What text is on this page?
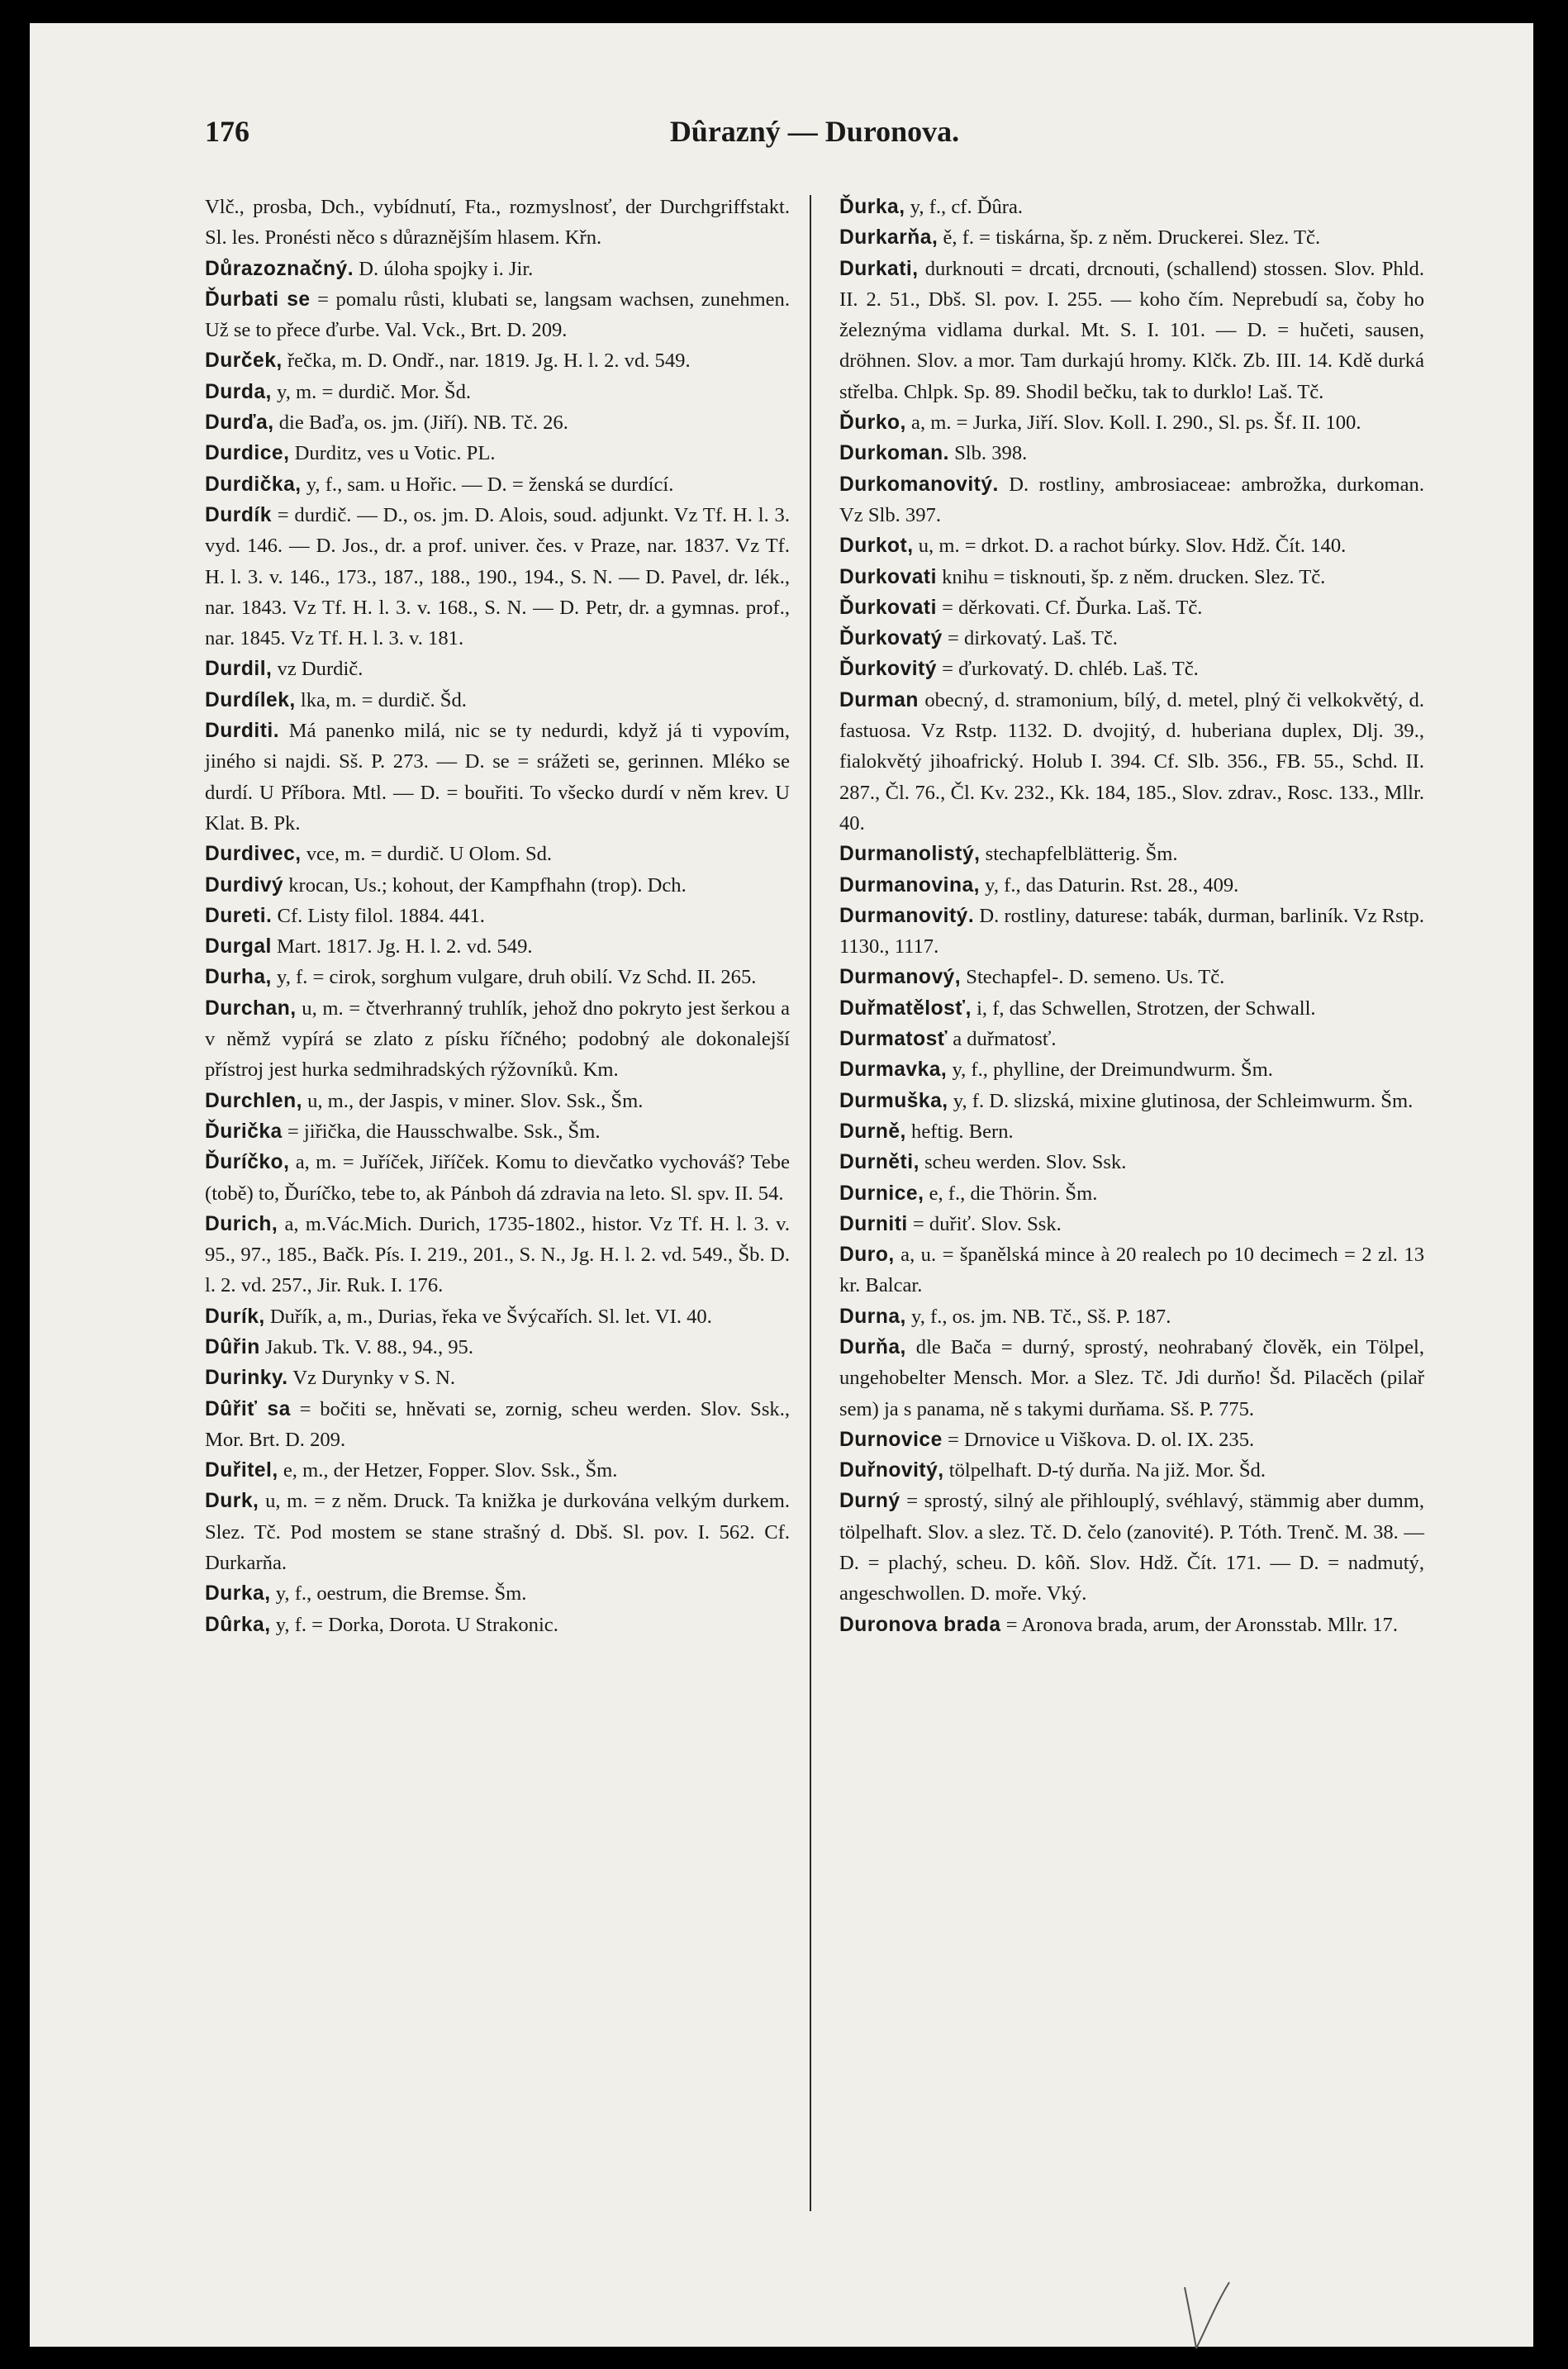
176	Dûrazný — Duronova.

Vlč., prosba, Dch., vybídnutí, Fta., rozmyslnosť, der Durchgriffstakt. Sl. les. Pronésti něco s důraznějším hlasem. Křn.

Důrazoznačný. D. úloha spojky i. Jir.

Ďurbati se = pomalu růsti, klubati se, langsam wachsen, zunehmen. Už se to přece ďurbe. Val. Vck., Brt. D. 209.

Durček, řečka, m. D. Ondř., nar. 1819. Jg. H. l. 2. vd. 549.

Durda, y, m. = durdič. Mor. Šd.

Durďa, die Baďa, os. jm. (Jiří). NB. Tč. 26.

Durdice, Durditz, ves u Votic. PL.

Durdička, y, f., sam. u Hořic. — D. = ženská se durdící.

Durdík = durdič. — D., os. jm. D. Alois, soud. adjunkt. Vz Tf. H. l. 3. vyd. 146. — D. Jos., dr. a prof. univer. čes. v Praze, nar. 1837. Vz Tf. H. l. 3. v. 146., 173., 187., 188., 190., 194., S. N. — D. Pavel, dr. lék., nar. 1843. Vz Tf. H. l. 3. v. 168., S. N. — D. Petr, dr. a gymnas. prof., nar. 1845. Vz Tf. H. l. 3. v. 181.

Durdil, vz Durdič.

Durdílek, lka, m. = durdič. Šd.

Durditi. Má panenko milá, nic se ty nedurdi, když já ti vypovím, jiného si najdi. Sš. P. 273. — D. se = srážeti se, gerinnen. Mléko se durdí. U Příbora. Mtl. — D. = bouřiti. To všecko durdí v něm krev. U Klat. B. Pk.

Durdivec, vce, m. = durdič. U Olom. Sd.

Durdivý krocan, Us.; kohout, der Kampfhahn (trop). Dch.

Dureti. Cf. Listy filol. 1884. 441.

Durgal Mart. 1817. Jg. H. l. 2. vd. 549.

Durha, y, f. = cirok, sorghum vulgare, druh obilí. Vz Schd. II. 265.

Durchan, u, m. = čtverhranný truhlík, jehož dno pokryto jest šerkou a v němž vypírá se zlato z písku říčného; podobný ale dokonalejší přístroj jest hurka sedmihradských rýžovníků. Km.

Durchlen, u, m., der Jaspis, v miner. Slov. Ssk., Šm.

Ďurička = jiřička, die Hausschwalbe. Ssk., Šm.

Ďuríčko, a, m. = Juříček, Jiříček. Komu to dievčatko vychováš? Tebe (tobě) to, Ďuríčko, tebe to, ak Pánboh dá zdravia na leto. Sl. spv. II. 54.

Durich, a, m.Vác.Mich. Durich, 1735-1802., histor. Vz Tf. H. l. 3. v. 95., 97., 185., Bačk. Pís. I. 219., 201., S. N., Jg. H. l. 2. vd. 549., Šb. D. l. 2. vd. 257., Jir. Ruk. I. 176.

Durík, Duřík, a, m., Durias, řeka ve Švýcařích. Sl. let. VI. 40.

Dûřin Jakub. Tk. V. 88., 94., 95.

Durinky. Vz Durynky v S. N.

Dûřiť sa = bočiti se, hněvati se, zornig, scheu werden. Slov. Ssk., Mor. Brt. D. 209.

Duřitel, e, m., der Hetzer, Fopper. Slov. Ssk., Šm.

Durk, u, m. = z něm. Druck. Ta knižka je durkována velkým durkem. Slez. Tč. Pod mostem se stane strašný d. Dbš. Sl. pov. I. 562. Cf. Durkarňa.

Durka, y, f., oestrum, die Bremse. Šm.

Dûrka, y, f. = Dorka, Dorota. U Strakonic.

Ďurka, y, f., cf. Ďûra.

Durkarňa, ě, f. = tiskárna, šp. z něm. Druckerei. Slez. Tč.

Durkati, durknouti = drcati, drcnouti, (schallend) stossen. Slov. Phld. II. 2. 51., Dbš. Sl. pov. I. 255. — koho čím. Neprebudí sa, čoby ho železnýma vidlama durkal. Mt. S. I. 101. — D. = hučeti, sausen, dröhnen. Slov. a mor. Tam durkajú hromy. Klčk. Zb. III. 14. Kdě durká střelba. Chlpk. Sp. 89. Shodil bečku, tak to durklo! Laš. Tč.

Ďurko, a, m. = Jurka, Jiří. Slov. Koll. I. 290., Sl. ps. Šf. II. 100.

Durkoman. Slb. 398.

Durkomanovitý. D. rostliny, ambrosiaceae: ambrožka, durkoman. Vz Slb. 397.

Durkot, u, m. = drkot. D. a rachot búrky. Slov. Hdž. Čít. 140.

Durkovati knihu = tisknouti, šp. z něm. drucken. Slez. Tč.

Ďurkovati = děrkovati. Cf. Ďurka. Laš. Tč.

Ďurkovatý = dirkovatý. Laš. Tč.

Ďurkovitý = ďurkovatý. D. chléb. Laš. Tč.

Durman obecný, d. stramonium, bílý, d. metel, plný či velkokvětý, d. fastuosa. Vz Rstp. 1132. D. dvojitý, d. huberiana duplex, Dlj. 39., fialokvětý jihoafrický. Holub I. 394. Cf. Slb. 356., FB. 55., Schd. II. 287., Čl. 76., Čl. Kv. 232., Kk. 184, 185., Slov. zdrav., Rosc. 133., Mllr. 40.

Durmanolistý, stechapfelblätterig. Šm.

Durmanovina, y, f., das Daturin. Rst. 28., 409.

Durmanovitý. D. rostliny, daturese: tabák, durman, barliník. Vz Rstp. 1130., 1117.

Durmanový, Stechapfel-. D. semeno. Us. Tč.

Duřmatělosť, i, f, das Schwellen, Strotzen, der Schwall.

Durmatosť a duřmatosť.

Durmavka, y, f., phylline, der Dreimundwurm. Šm.

Durmuška, y, f. D. slizská, mixine glutinosa, der Schleimwurm. Šm.

Durně, heftig. Bern.

Durněti, scheu werden. Slov. Ssk.

Durnice, e, f., die Thörin. Šm.

Durniti = duřiť. Slov. Ssk.

Duro, a, u. = španělská mince à 20 realech po 10 decimech = 2 zl. 13 kr. Balcar.

Durna, y, f., os. jm. NB. Tč., Sš. P. 187.

Durňa, dle Bača = durný, sprostý, neohrabaný člověk, ein Tölpel, ungehobelter Mensch. Mor. a Slez. Tč. Jdi durňo! Šd. Pilacěch (pilař sem) ja s panama, ně s takymi durňama. Sš. P. 775.

Durnovice = Drnovice u Viškova. D. ol. IX. 235.

Duřnovitý, tölpelhaft. D-tý durňa. Na již. Mor. Šd.

Durný = sprostý, silný ale přihlouplý, svéhlavý, stämmig aber dumm, tölpelhaft. Slov. a slez. Tč. D. čelo (zanovité). P. Tóth. Trenč. M. 38. — D. = plachý, scheu. D. kôň. Slov. Hdž. Čít. 171. — D. = nadmutý, angeschwollen. D. moře. Vký.

Duronova brada = Aronova brada, arum, der Aronsstab. Mllr. 17.
